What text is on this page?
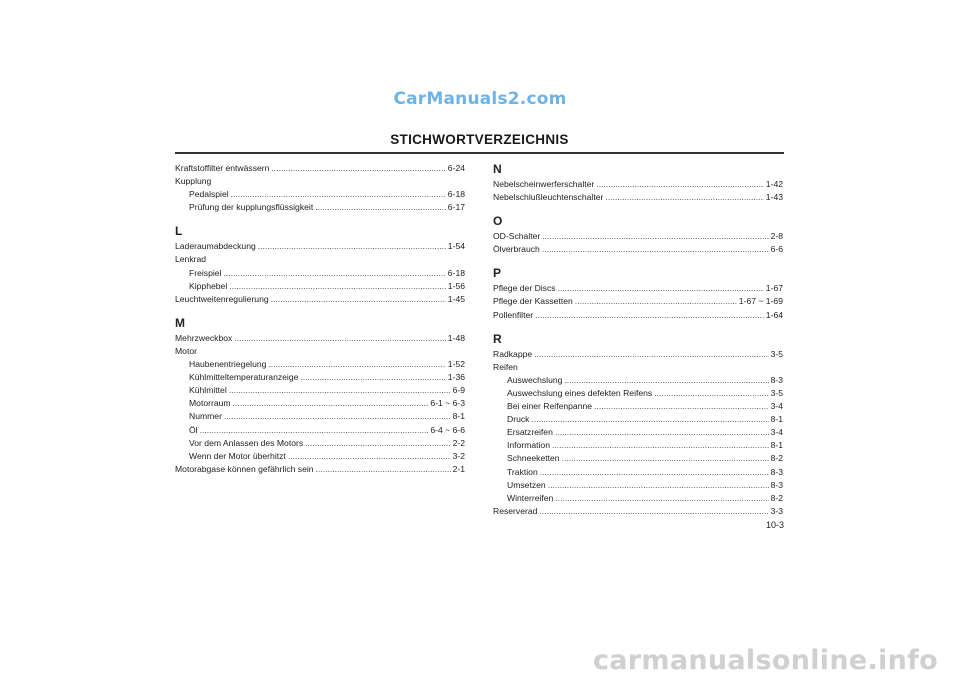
CarManuals2.com
STICHWORTVERZEICHNIS
Kraftstoffilter entwässern .....	6-24
Kupplung
Pedalspiel .....	6-18
Prüfung der kupplungsflüssigkeit .....	6-17
L
Laderaumabdeckung .....	1-54
Lenkrad
Freispiel .....	6-18
Kipphebel .....	1-56
Leuchtweitenregulierung .....	1-45
M
Mehrzweckbox .....	1-48
Motor
Haubenentriegelung .....	1-52
Kühlmitteltemperaturanzeige .....	1-36
Kühlmittel .....	6-9
Motorraum .....	6-1 ~ 6-3
Nummer .....	8-1
Öl .....	6-4 ~ 6-6
Vor dem Anlassen des Motors .....	2-2
Wenn der Motor überhitzt .....	3-2
Motorabgase können gefährlich sein .....	2-1
N
Nebelscheinwerferschalter .....	1-42
Nebelschlußleuchtenschalter .....	1-43
O
OD-Schalter .....	2-8
Ölverbrauch .....	6-6
P
Pflege der Discs .....	1-67
Pflege der Kassetten .....	1-67 ~ 1-69
Pollenfilter .....	1-64
R
Radkappe .....	3-5
Reifen
Auswechslung .....	8-3
Auswechslung eines defekten Reifens .....	3-5
Bei einer Reifenpanne .....	3-4
Druck .....	8-1
Ersatzreifen .....	3-4
Information .....	8-1
Schneeketten .....	8-2
Traktion .....	8-3
Umsetzen .....	8-3
Winterreifen .....	8-2
Reserverad .....	3-3
10-3
carmanualsonline.info
